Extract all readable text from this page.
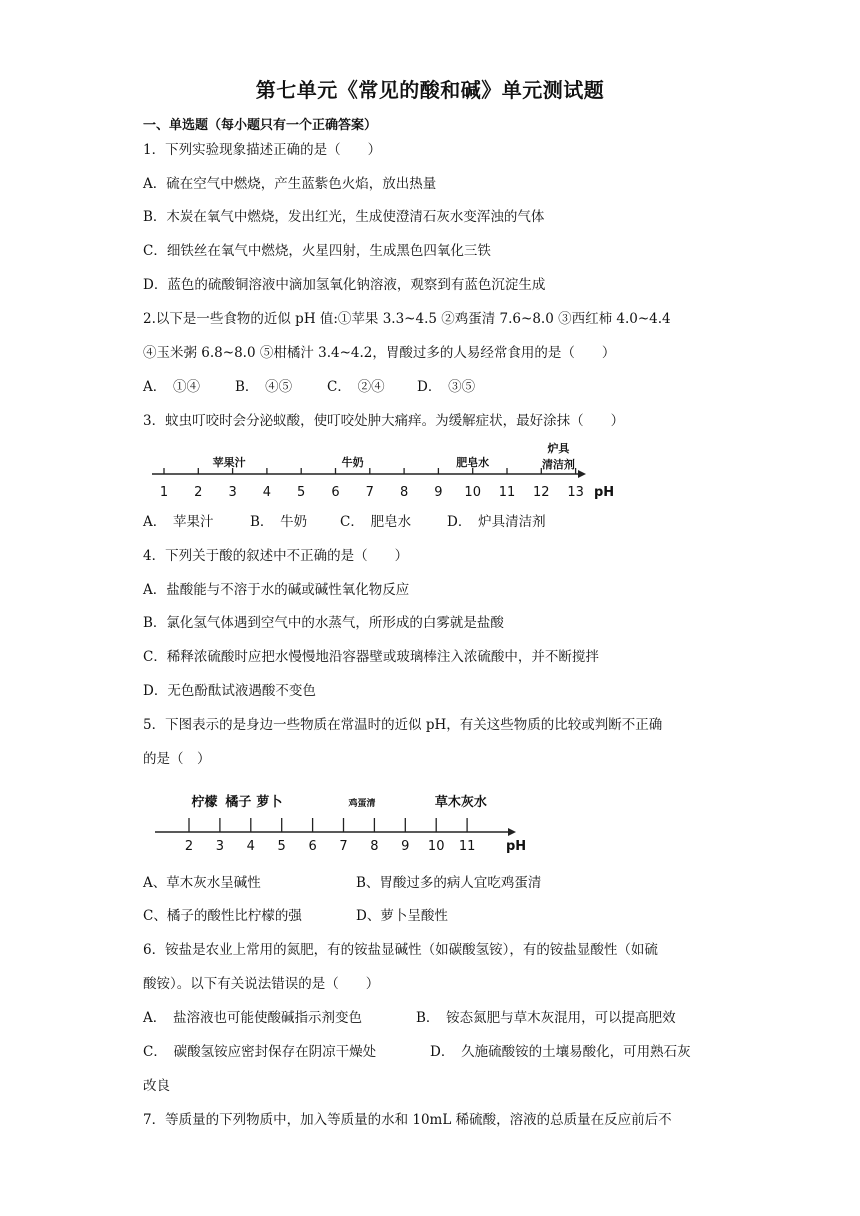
第七单元《常见的酸和碱》单元测试题
一、单选题（每小题只有一个正确答案）
1．下列实验现象描述正确的是（　　）
A．硫在空气中燃烧，产生蓝紫色火焰，放出热量
B．木炭在氧气中燃烧，发出红光，生成使澄清石灰水变浑浊的气体
C．细铁丝在氧气中燃烧，火星四射，生成黑色四氧化三铁
D．蓝色的硫酸铜溶液中滴加氢氧化钠溶液，观察到有蓝色沉淀生成
2.以下是一些食物的近似 pH 值:①苹果 3.3~4.5 ②鸡蛋清 7.6~8.0 ③西红柿 4.0~4.4
④玉米粥 6.8~8.0 ⑤柑橘汁 3.4~4.2，胃酸过多的人易经常食用的是（　　）
A．　①④	B．　④⑤	C．　②④ D．　③⑤
3．蚊虫叮咬时会分泌蚁酸，使叮咬处肿大痛痒。为缓解症状，最好涂抹（　　）
1 2 3 4 5 6 7 8 9 10 11 12 13 pH
苹果汁	牛奶	肥皂水
炉具
清洁剂
A．　苹果汁	B．　牛奶 C．　肥皂水	D．　炉具清洁剂
4．下列关于酸的叙述中不正确的是（　　）
A．盐酸能与不溶于水的碱或碱性氧化物反应
B．氯化氢气体遇到空气中的水蒸气，所形成的白雾就是盐酸
C．稀释浓硫酸时应把水慢慢地沿容器壁或玻璃棒注入浓硫酸中，并不断搅拌
D．无色酚酞试液遇酸不变色
5．下图表示的是身边一些物质在常温时的近似 pH，有关这些物质的比较或判断不正确
的是（　）
2 3 4 5 6 7 8 9 10 11 pH
柠檬 橘子 萝卜	鸡蛋清	草木灰水
A、草木灰水呈碱性	B、胃酸过多的病人宜吃鸡蛋清
C、橘子的酸性比柠檬的强	D、萝卜呈酸性
6．铵盐是农业上常用的氮肥，有的铵盐显碱性（如碳酸氢铵），有的铵盐显酸性（如硫
酸铵）。以下有关说法错误的是（　　）
A．　盐溶液也可能使酸碱指示剂变色	B．　铵态氮肥与草木灰混用，可以提高肥效
C．　碳酸氢铵应密封保存在阴凉干燥处	D．　久施硫酸铵的土壤易酸化，可用熟石灰
改良
7．等质量的下列物质中，加入等质量的水和 10mL 稀硫酸，溶液的总质量在反应前后不
